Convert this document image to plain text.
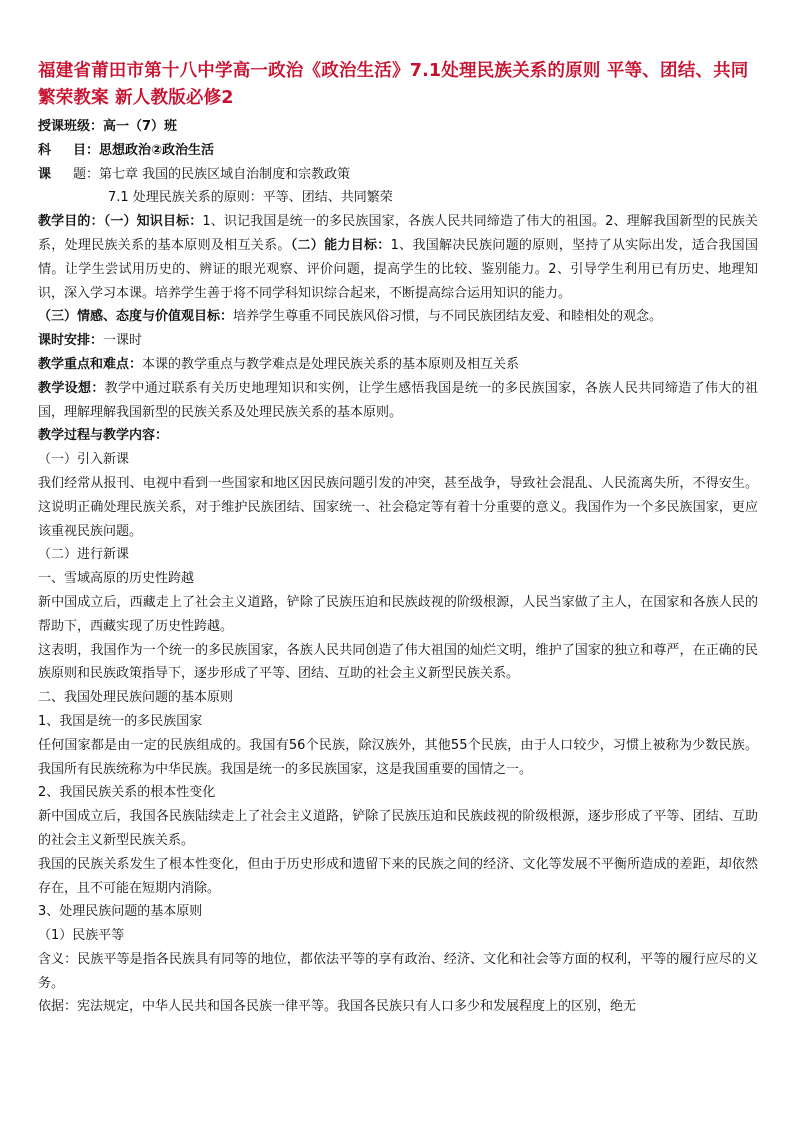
福建省莆田市第十八中学高一政治《政治生活》7.1处理民族关系的原则 平等、团结、共同繁荣教案 新人教版必修2

授课班级：高一（7）班

科 目：思想政治②政治生活

课 题：第七章 我国的民族区域自治制度和宗教政策

7.1 处理民族关系的原则：平等、团结、共同繁荣

教学目的：（一）知识目标：1、识记我国是统一的多民族国家，各族人民共同缔造了伟大的祖国。2、理解我国新型的民族关系，处理民族关系的基本原则及相互关系。（二）能力目标：1、我国解决民族问题的原则，坚持了从实际出发，适合我国国情。让学生尝试用历史的、辨证的眼光观察、评价问题，提高学生的比较、鉴别能力。2、引导学生利用已有历史、地理知识，深入学习本课。培养学生善于将不同学科知识综合起来，不断提高综合运用知识的能力。

（三）情感、态度与价值观目标：培养学生尊重不同民族风俗习惯，与不同民族团结友爱、和睦相处的观念。

课时安排：一课时

教学重点和难点：本课的教学重点与教学难点是处理民族关系的基本原则及相互关系

教学设想：教学中通过联系有关历史地理知识和实例，让学生感悟我国是统一的多民族国家，各族人民共同缔造了伟大的祖国，理解理解我国新型的民族关系及处理民族关系的基本原则。

教学过程与教学内容：

（一）引入新课

我们经常从报刊、电视中看到一些国家和地区因民族问题引发的冲突，甚至战争，导致社会混乱、人民流离失所，不得安生。这说明正确处理民族关系，对于维护民族团结、国家统一、社会稳定等有着十分重要的意义。我国作为一个多民族国家，更应该重视民族问题。

（二）进行新课

一、雪域高原的历史性跨越

新中国成立后，西藏走上了社会主义道路，铲除了民族压迫和民族歧视的阶级根源，人民当家做了主人，在国家和各族人民的帮助下，西藏实现了历史性跨越。

这表明，我国作为一个统一的多民族国家，各族人民共同创造了伟大祖国的灿烂文明，维护了国家的独立和尊严，在正确的民族原则和民族政策指导下，逐步形成了平等、团结、互助的社会主义新型民族关系。

二、我国处理民族问题的基本原则

1、我国是统一的多民族国家

任何国家都是由一定的民族组成的。我国有56个民族，除汉族外，其他55个民族，由于人口较少，习惯上被称为少数民族。我国所有民族统称为中华民族。我国是统一的多民族国家，这是我国重要的国情之一。

2、我国民族关系的根本性变化

新中国成立后，我国各民族陆续走上了社会主义道路，铲除了民族压迫和民族歧视的阶级根源，逐步形成了平等、团结、互助的社会主义新型民族关系。

我国的民族关系发生了根本性变化，但由于历史形成和遗留下来的民族之间的经济、文化等发展不平衡所造成的差距，却依然存在，且不可能在短期内消除。

3、处理民族问题的基本原则

（1）民族平等

含义：民族平等是指各民族具有同等的地位，都依法平等的享有政治、经济、文化和社会等方面的权利，平等的履行应尽的义务。

依据：宪法规定，中华人民共和国各民族一律平等。我国各民族只有人口多少和发展程度上的区别，绝无
